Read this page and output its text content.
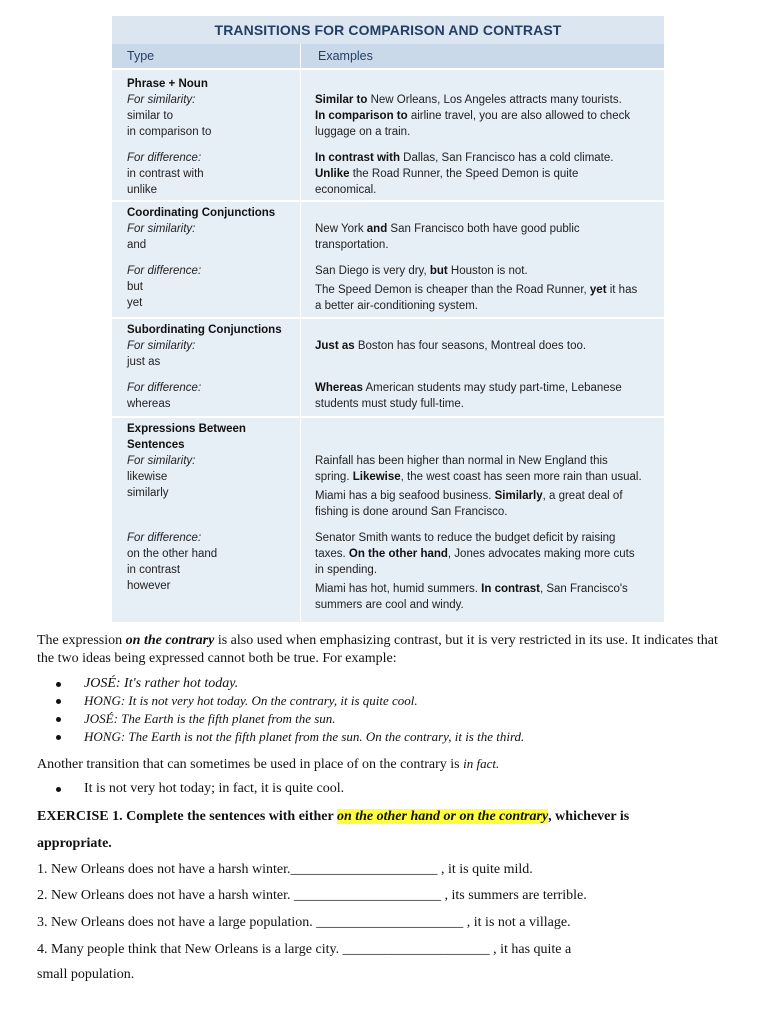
TRANSITIONS FOR COMPARISON AND CONTRAST
Type	Examples
Phrase + Noun
For similarity:
similar to
in comparison to
For difference:
in contrast with
unlike
Similar to New Orleans, Los Angeles attracts many tourists.
In comparison to airline travel, you are also allowed to check
luggage on a train.
In contrast with Dallas, San Francisco has a cold climate.
Unlike the Road Runner, the Speed Demon is quite
economical.
Coordinating Conjunctions
For similarity:
and
For difference:
but
yet
New York and San Francisco both have good public
transportation.
San Diego is very dry, but Houston is not.
The Speed Demon is cheaper than the Road Runner, yet it has
a better air-conditioning system.
Subordinating Conjunctions
For similarity:
just as
For difference:
whereas
Just as Boston has four seasons, Montreal does too.
Whereas American students may study part-time, Lebanese
students must study full-time.
Expressions Between
Sentences
For similarity:
likewise
similarly
For difference:
on the other hand
in contrast
however
Rainfall has been higher than normal in New England this
spring. Likewise, the west coast has seen more rain than usual.
Miami has a big seafood business. Similarly, a great deal of
fishing is done around San Francisco.
Senator Smith wants to reduce the budget deficit by raising
taxes. On the other hand, Jones advocates making more cuts
in spending.
Miami has hot, humid summers. In contrast, San Francisco's
summers are cool and windy.
The expression on the contrary is also used when emphasizing contrast, but it is very restricted in its use. It indicates that
the two ideas being expressed cannot both be true. For example:
JOSÉ: It's rather hot today.
HONG: It is not very hot today. On the contrary, it is quite cool.
JOSÉ: The Earth is the fifth planet from the sun.
HONG: The Earth is not the fifth planet from the sun. On the contrary, it is the third.
Another transition that can sometimes be used in place of on the contrary is in fact.
It is not very hot today; in fact, it is quite cool.
EXERCISE 1. Complete the sentences with either on the other hand or on the contrary, whichever is
appropriate.
1. New Orleans does not have a harsh winter._____________________ , it is quite mild.
2. New Orleans does not have a harsh winter. _____________________ , its summers are terrible.
3. New Orleans does not have a large population. _____________________ , it is not a village.
4. Many people think that New Orleans is a large city. _____________________ , it has quite a
small population.
